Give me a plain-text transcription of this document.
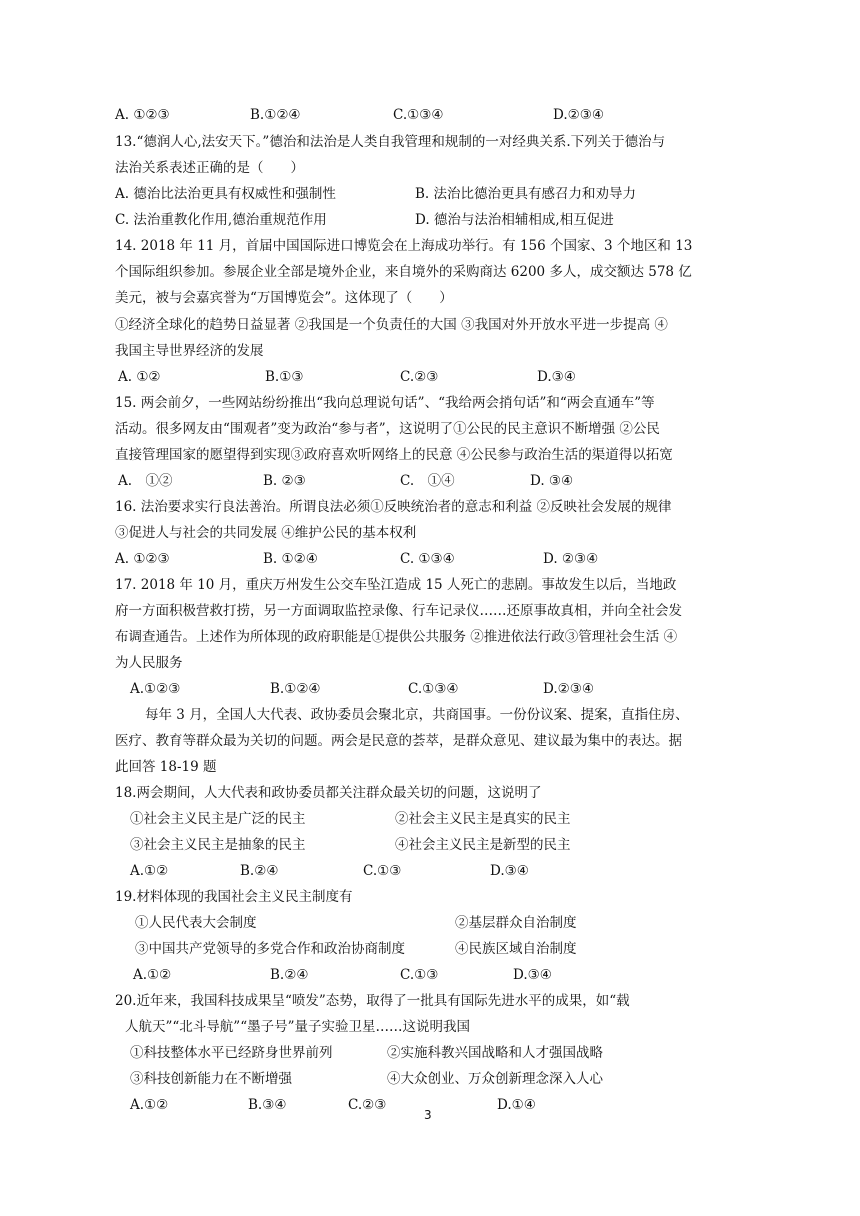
A. ①②③	B.①②④	C.①③④	D.②③④
13.“德润人心,法安天下。”德治和法治是人类自我管理和规制的一对经典关系.下列关于德治与
法治关系表述正确的是（　　）
A. 德治比法治更具有权威性和强制性	B. 法治比德治更具有感召力和劝导力
C. 法治重教化作用,德治重规范作用	D. 德治与法治相辅相成,相互促进
14. 2018 年 11 月，首届中国国际进口博览会在上海成功举行。有 156 个国家、3 个地区和 13
个国际组织参加。参展企业全部是境外企业，来自境外的采购商达 6200 多人，成交额达 578 亿
美元，被与会嘉宾誉为“万国博览会”。这体现了（　　）
①经济全球化的趋势日益显著 ②我国是一个负责任的大国 ③我国对外开放水平进一步提高 ④
我国主导世界经济的发展
A. ①②	B.①③	C.②③	D.③④
15. 两会前夕，一些网站纷纷推出“我向总理说句话”、“我给两会捎句话”和“两会直通车”等
活动。很多网友由“围观者”变为政治“参与者”，这说明了①公民的民主意识不断增强 ②公民
直接管理国家的愿望得到实现③政府喜欢听网络上的民意 ④公民参与政治生活的渠道得以拓宽
A.　①②	B. ②③	C.　①④	D. ③④
16. 法治要求实行良法善治。所谓良法必须①反映统治者的意志和利益 ②反映社会发展的规律
③促进人与社会的共同发展 ④维护公民的基本权利
A. ①②③	B. ①②④	C. ①③④	D. ②③④
17. 2018 年 10 月，重庆万州发生公交车坠江造成 15 人死亡的悲剧。事故发生以后，当地政
府一方面积极营救打捞，另一方面调取监控录像、行车记录仪……还原事故真相，并向全社会发
布调查通告。上述作为所体现的政府职能是①提供公共服务 ②推进依法行政③管理社会生活 ④
为人民服务
A.①②③	B.①②④	C.①③④	D.②③④
每年 3 月，全国人大代表、政协委员会聚北京，共商国事。一份份议案、提案，直指住房、
医疗、教育等群众最为关切的问题。两会是民意的荟萃，是群众意见、建议最为集中的表达。据
此回答 18-19 题
18.两会期间，人大代表和政协委员都关注群众最关切的问题，这说明了
①社会主义民主是广泛的民主	②社会主义民主是真实的民主
③社会主义民主是抽象的民主	④社会主义民主是新型的民主
A.①②	B.②④	C.①③	D.③④
19.材料体现的我国社会主义民主制度有
①人民代表大会制度	②基层群众自治制度
③中国共产党领导的多党合作和政治协商制度	④民族区域自治制度
A.①②	B.②④	C.①③	D.③④
20.近年来，我国科技成果呈“喷发”态势，取得了一批具有国际先进水平的成果，如“载
人航天”“北斗导航”“墨子号”量子实验卫星……这说明我国
①科技整体水平已经跻身世界前列	②实施科教兴国战略和人才强国战略
③科技创新能力在不断增强	④大众创业、万众创新理念深入人心
A.①②	B.③④	C.②③	D.①④
3
